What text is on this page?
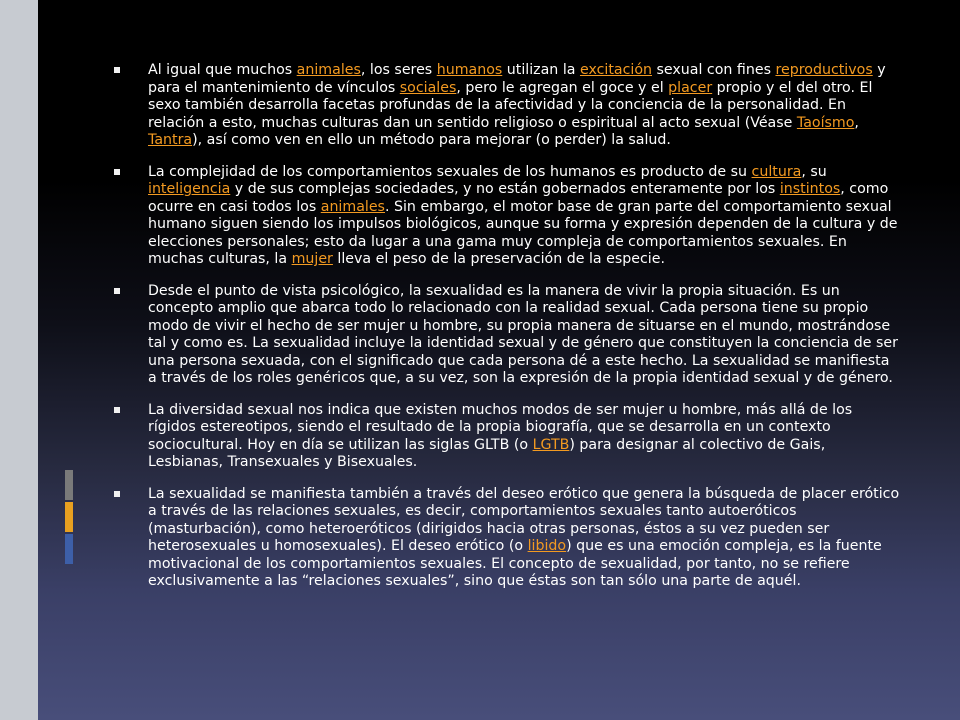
Al igual que muchos animales, los seres humanos utilizan la excitación sexual con fines reproductivos y para el mantenimiento de vínculos sociales, pero le agregan el goce y el placer propio y el del otro. El sexo también desarrolla facetas profundas de la afectividad y la conciencia de la personalidad. En relación a esto, muchas culturas dan un sentido religioso o espiritual al acto sexual (Véase Taoísmo, Tantra), así como ven en ello un método para mejorar (o perder) la salud.
La complejidad de los comportamientos sexuales de los humanos es producto de su cultura, su inteligencia y de sus complejas sociedades, y no están gobernados enteramente por los instintos, como ocurre en casi todos los animales. Sin embargo, el motor base de gran parte del comportamiento sexual humano siguen siendo los impulsos biológicos, aunque su forma y expresión dependen de la cultura y de elecciones personales; esto da lugar a una gama muy compleja de comportamientos sexuales. En muchas culturas, la mujer lleva el peso de la preservación de la especie.
Desde el punto de vista psicológico, la sexualidad es la manera de vivir la propia situación. Es un concepto amplio que abarca todo lo relacionado con la realidad sexual. Cada persona tiene su propio modo de vivir el hecho de ser mujer u hombre, su propia manera de situarse en el mundo, mostrándose tal y como es. La sexualidad incluye la identidad sexual y de género que constituyen la conciencia de ser una persona sexuada, con el significado que cada persona dé a este hecho. La sexualidad se manifiesta a través de los roles genéricos que, a su vez, son la expresión de la propia identidad sexual y de género.
La diversidad sexual nos indica que existen muchos modos de ser mujer u hombre, más allá de los rígidos estereotipos, siendo el resultado de la propia biografía, que se desarrolla en un contexto sociocultural. Hoy en día se utilizan las siglas GLTB (o LGTB) para designar al colectivo de Gais, Lesbianas, Transexuales y Bisexuales.
La sexualidad se manifiesta también a través del deseo erótico que genera la búsqueda de placer erótico a través de las relaciones sexuales, es decir, comportamientos sexuales tanto autoeróticos (masturbación), como heteroeróticos (dirigidos hacia otras personas, éstos a su vez pueden ser heterosexuales u homosexuales). El deseo erótico (o libido) que es una emoción compleja, es la fuente motivacional de los comportamientos sexuales. El concepto de sexualidad, por tanto, no se refiere exclusivamente a las “relaciones sexuales”, sino que éstas son tan sólo una parte de aquél.
